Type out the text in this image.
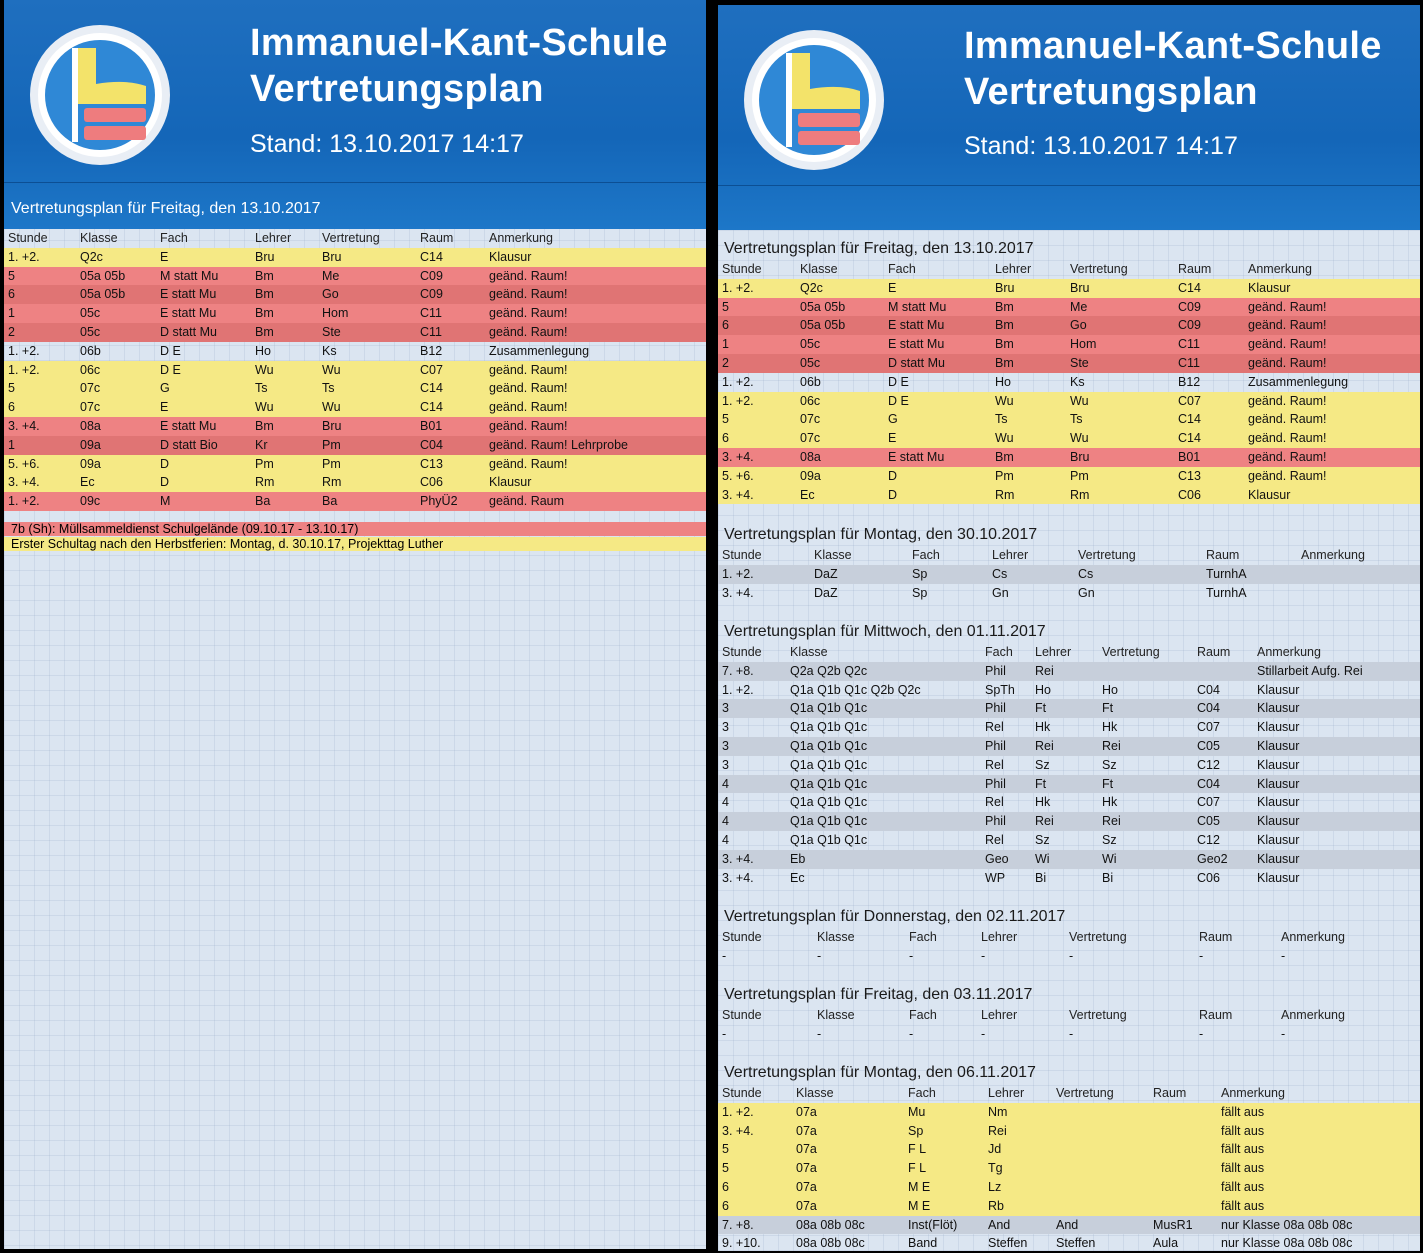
Immanuel-Kant-Schule
Vertretungsplan
Stand: 13.10.2017 14:17
Vertretungsplan für Freitag, den 13.10.2017
Stunde	Klasse	Fach	Lehrer	Vertretung	Raum	Anmerkung
1. +2.	Q2c	E	Bru	Bru	C14	Klausur
5	05a 05b	M statt Mu	Bm	Me	C09	geänd. Raum!
6	05a 05b	E statt Mu	Bm	Go	C09	geänd. Raum!
1	05c	E statt Mu	Bm	Hom	C11	geänd. Raum!
2	05c	D statt Mu	Bm	Ste	C11	geänd. Raum!
1. +2.	06b	D E	Ho	Ks	B12	Zusammenlegung
1. +2.	06c	D E	Wu	Wu	C07	geänd. Raum!
5	07c	G	Ts	Ts	C14	geänd. Raum!
6	07c	E	Wu	Wu	C14	geänd. Raum!
3. +4.	08a	E statt Mu	Bm	Bru	B01	geänd. Raum!
1	09a	D statt Bio	Kr	Pm	C04	geänd. Raum! Lehrprobe
5. +6.	09a	D	Pm	Pm	C13	geänd. Raum!
3. +4.	Ec	D	Rm	Rm	C06	Klausur
1. +2.	09c	M	Ba	Ba	PhyÜ2	geänd. Raum
7b (Sh): Müllsammeldienst Schulgelände (09.10.17 - 13.10.17)
Erster Schultag nach den Herbstferien: Montag, d. 30.10.17, Projekttag Luther
Immanuel-Kant-Schule
Vertretungsplan
Stand: 13.10.2017 14:17
Vertretungsplan für Freitag, den 13.10.2017
Stunde	Klasse	Fach	Lehrer	Vertretung	Raum	Anmerkung
1. +2.	Q2c	E	Bru	Bru	C14	Klausur
5	05a 05b	M statt Mu	Bm	Me	C09	geänd. Raum!
6	05a 05b	E statt Mu	Bm	Go	C09	geänd. Raum!
1	05c	E statt Mu	Bm	Hom	C11	geänd. Raum!
2	05c	D statt Mu	Bm	Ste	C11	geänd. Raum!
1. +2.	06b	D E	Ho	Ks	B12	Zusammenlegung
1. +2.	06c	D E	Wu	Wu	C07	geänd. Raum!
5	07c	G	Ts	Ts	C14	geänd. Raum!
6	07c	E	Wu	Wu	C14	geänd. Raum!
3. +4.	08a	E statt Mu	Bm	Bru	B01	geänd. Raum!
5. +6.	09a	D	Pm	Pm	C13	geänd. Raum!
3. +4.	Ec	D	Rm	Rm	C06	Klausur
Vertretungsplan für Montag, den 30.10.2017
Stunde	Klasse	Fach	Lehrer	Vertretung	Raum	Anmerkung
1. +2.	DaZ	Sp	Cs	Cs	TurnhA	
3. +4.	DaZ	Sp	Gn	Gn	TurnhA	
Vertretungsplan für Mittwoch, den 01.11.2017
Stunde	Klasse	Fach	Lehrer	Vertretung	Raum	Anmerkung
7. +8.	Q2a Q2b Q2c	Phil	Rei			Stillarbeit Aufg. Rei
1. +2.	Q1a Q1b Q1c Q2b Q2c	SpTh	Ho	Ho	C04	Klausur
3	Q1a Q1b Q1c	Phil	Ft	Ft	C04	Klausur
3	Q1a Q1b Q1c	Rel	Hk	Hk	C07	Klausur
3	Q1a Q1b Q1c	Phil	Rei	Rei	C05	Klausur
3	Q1a Q1b Q1c	Rel	Sz	Sz	C12	Klausur
4	Q1a Q1b Q1c	Phil	Ft	Ft	C04	Klausur
4	Q1a Q1b Q1c	Rel	Hk	Hk	C07	Klausur
4	Q1a Q1b Q1c	Phil	Rei	Rei	C05	Klausur
4	Q1a Q1b Q1c	Rel	Sz	Sz	C12	Klausur
3. +4.	Eb	Geo	Wi	Wi	Geo2	Klausur
3. +4.	Ec	WP	Bi	Bi	C06	Klausur
Vertretungsplan für Donnerstag, den 02.11.2017
Stunde	Klasse	Fach	Lehrer	Vertretung	Raum	Anmerkung
-	-	-	-	-	-	-
Vertretungsplan für Freitag, den 03.11.2017
Stunde	Klasse	Fach	Lehrer	Vertretung	Raum	Anmerkung
-	-	-	-	-	-	-
Vertretungsplan für Montag, den 06.11.2017
Stunde	Klasse	Fach	Lehrer	Vertretung	Raum	Anmerkung
1. +2.	07a	Mu	Nm			fällt aus
3. +4.	07a	Sp	Rei			fällt aus
5	07a	F L	Jd			fällt aus
5	07a	F L	Tg			fällt aus
6	07a	M E	Lz			fällt aus
6	07a	M E	Rb			fällt aus
7. +8.	08a 08b 08c	Inst(Flöt)	And	And	MusR1	nur Klasse 08a 08b 08c
9. +10.	08a 08b 08c	Band	Steffen	Steffen	Aula	nur Klasse 08a 08b 08c
